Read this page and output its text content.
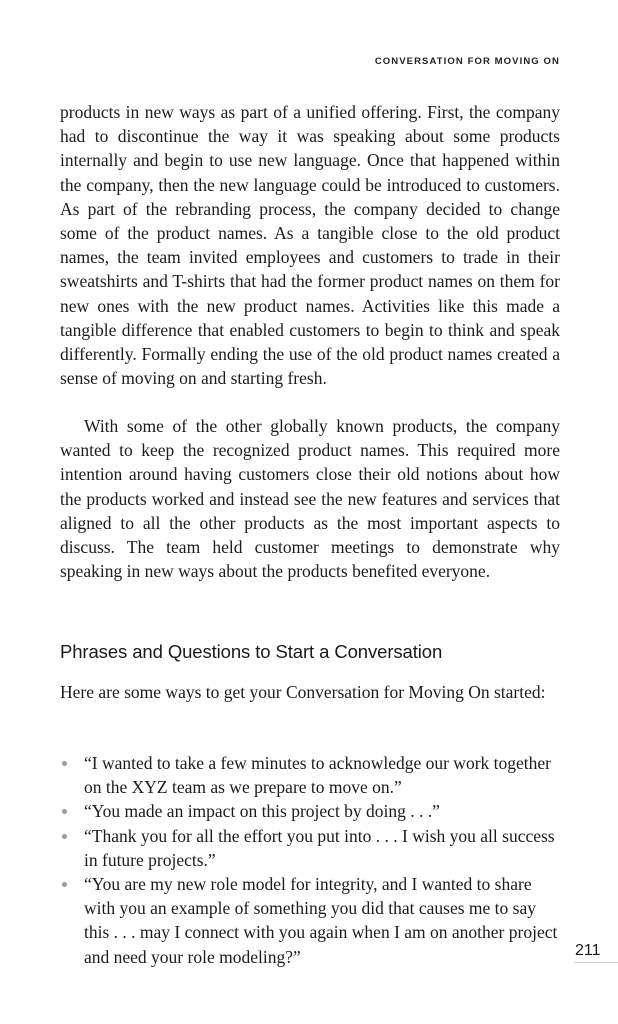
CONVERSATION FOR MOVING ON

products in new ways as part of a unified offering. First, the company had to discontinue the way it was speaking about some products internally and begin to use new language. Once that happened within the company, then the new language could be introduced to customers. As part of the rebranding process, the company decided to change some of the product names. As a tangible close to the old product names, the team invited employees and customers to trade in their sweatshirts and T-shirts that had the former product names on them for new ones with the new product names. Activities like this made a tangible difference that enabled customers to begin to think and speak differently. Formally ending the use of the old product names created a sense of moving on and starting fresh.

With some of the other globally known products, the company wanted to keep the recognized product names. This required more intention around having customers close their old notions about how the products worked and instead see the new features and services that aligned to all the other products as the most important aspects to discuss. The team held customer meetings to demonstrate why speaking in new ways about the products benefited everyone.

Phrases and Questions to Start a Conversation

Here are some ways to get your Conversation for Moving On started:

“I wanted to take a few minutes to acknowledge our work together on the XYZ team as we prepare to move on.”
“You made an impact on this project by doing . . .”
“Thank you for all the effort you put into . . . I wish you all success in future projects.”
“You are my new role model for integrity, and I wanted to share with you an example of something you did that causes me to say this . . . may I connect with you again when I am on another project and need your role modeling?”	211
